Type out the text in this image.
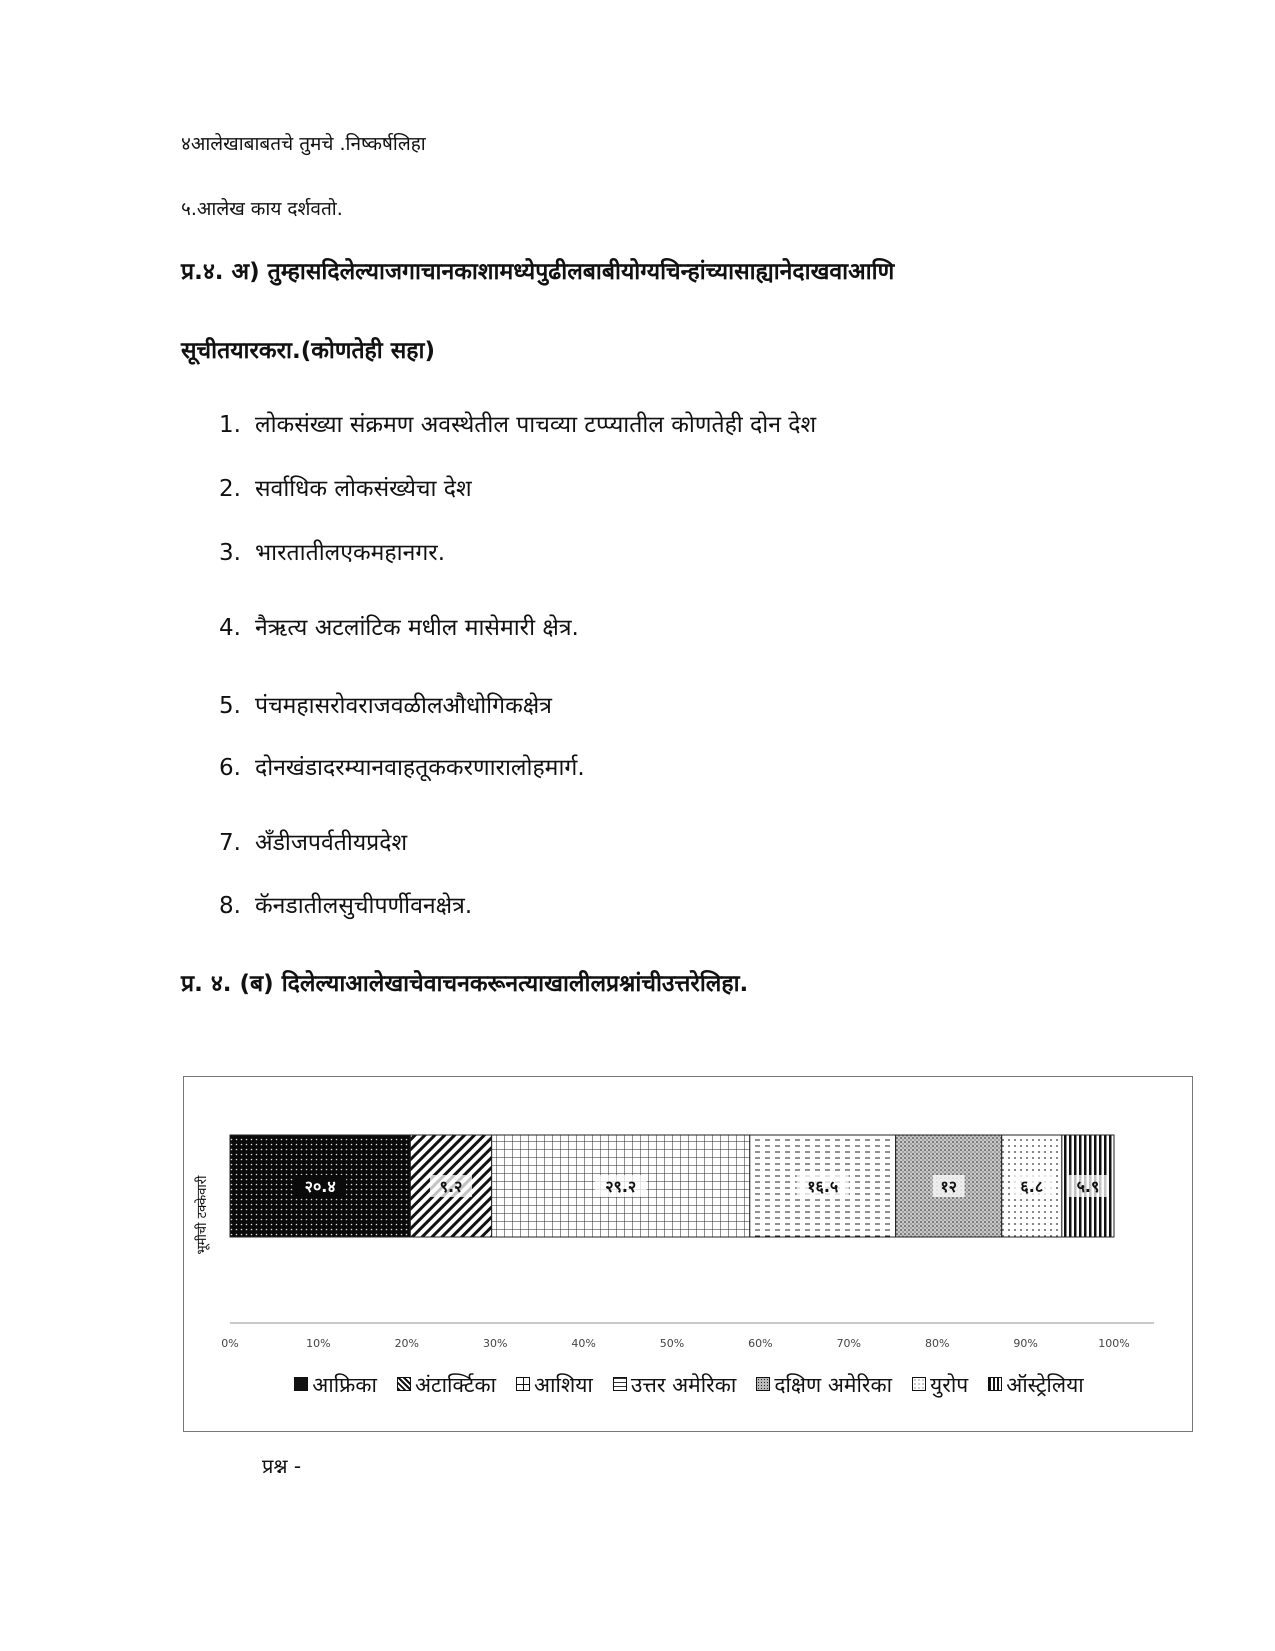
४आलेखाबाबतचे तुमचे .निष्कर्षलिहा
५.आलेख काय दर्शवतो.
प्र.४. अ) तुम्हासदिलेल्याजगाचानकाशामध्येपुढीलबाबीयोग्यचिन्हांच्यासाह्यानेदाखवाआणि
सूचीतयारकरा.(कोणतेही सहा)
1. लोकसंख्या संक्रमण अवस्थेतील पाचव्या टप्प्यातील कोणतेही दोन देश
2. सर्वाधिक लोकसंख्येचा देश
3. भारतातीलएकमहानगर.
4. नैऋत्य अटलांटिक मधील मासेमारी क्षेत्र.
5. पंचमहासरोवराजवळीलऔधोगिकक्षेत्र
6. दोनखंडादरम्यानवाहतूककरणारालोहमार्ग.
7. अँडीजपर्वतीयप्रदेश
8. कॅनडातीलसुचीपर्णीवनक्षेत्र.
प्र. ४. (ब) दिलेल्याआलेखाचेवाचनकरूनत्याखालीलप्रश्नांचीउत्तरेलिहा.
भूमीची टक्केवारी	२०.४	९.२	२९.२	१६.५	१२	६.८ ५.९
0%	10%	20%	30%	40%	50%	60%	70%	80%	90%	100%
आफ्रिका अंटार्क्टिका आशिया उत्तर अमेरिका दक्षिण अमेरिका युरोप ऑस्ट्रेलिया
प्रश्न -
